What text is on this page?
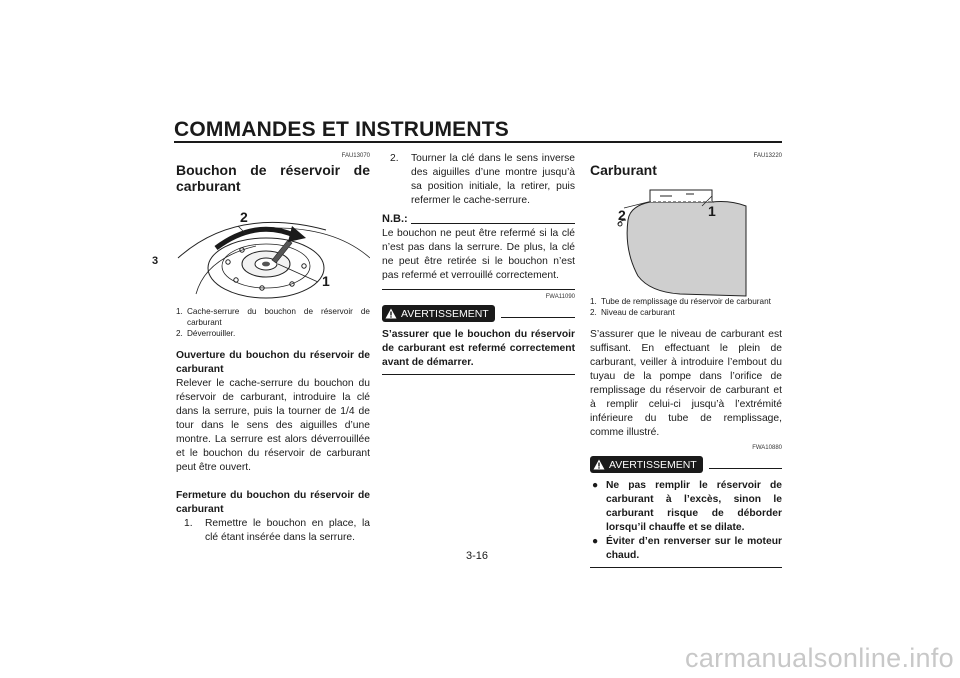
COMMANDES ET INSTRUMENTS
3
FAU13070
Bouchon de réservoir de carburant
1
2
1. Cache-serrure du bouchon de réservoir de carburant
2. Déverrouiller.

Ouverture du bouchon du réservoir de carburant

Relever le cache-serrure du bouchon du réservoir de carburant, introduire la clé dans la serrure, puis la tourner de 1/4 de tour dans le sens des aiguilles d’une montre. La serrure est alors déverrouillée et le bouchon du réservoir de carburant peut être ouvert.

Fermeture du bouchon du réservoir de carburant

1.	Remettre le bouchon en place, la clé étant insérée dans la serrure.
2.	Tourner la clé dans le sens inverse des aiguilles d’une montre jusqu’à sa position initiale, la retirer, puis refermer le cache-serrure.
N.B.:

Le bouchon ne peut être refermé si la clé n’est pas dans la serrure. De plus, la clé ne peut être retirée si le bouchon n’est pas refermé et verrouillé correctement.

FWA11090
AVERTISSEMENT

S’assurer que le bouchon du réservoir de carburant est refermé correctement avant de démarrer.

FAU13220
Carburant
2	1
1. Tube de remplissage du réservoir de carburant
2. Niveau de carburant

S’assurer que le niveau de carburant est suffisant. En effectuant le plein de carburant, veiller à introduire l’embout du tuyau de la pompe dans l’orifice de remplissage du réservoir de carburant et à remplir celui-ci jusqu’à l’extrémité inférieure du tube de remplissage, comme illustré.

FWA10880
AVERTISSEMENT
● Ne pas remplir le réservoir de carburant à l’excès, sinon le carburant risque de déborder lorsqu’il chauffe et se dilate.
● Éviter d’en renverser sur le moteur chaud.
3-16
carmanualsonline.info
